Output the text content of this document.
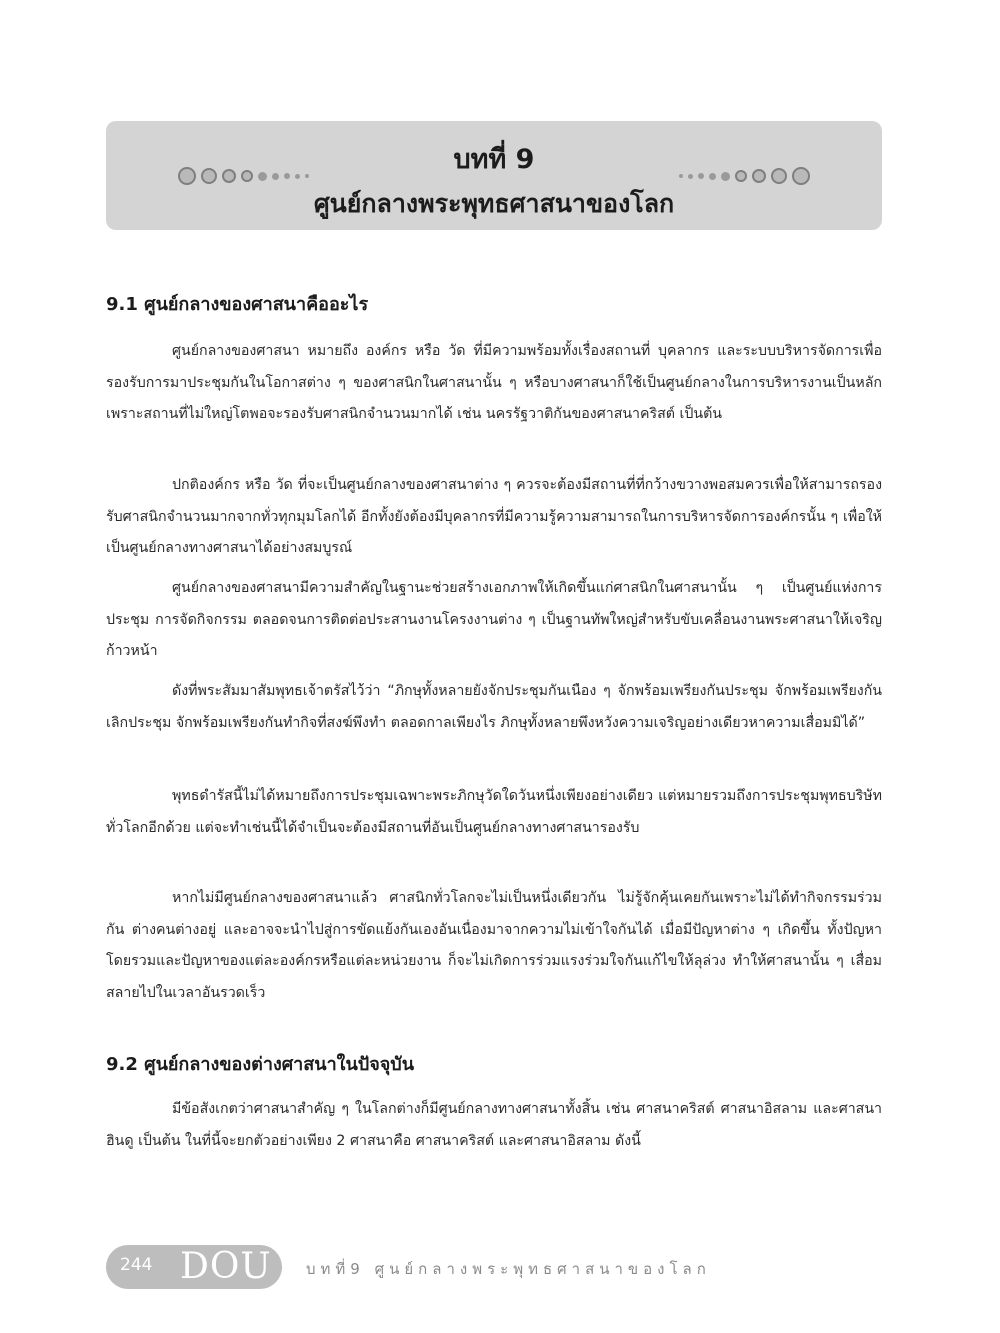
บทที่ 9
ศูนย์กลางพระพุทธศาสนาของโลก
9.1 ศูนย์กลางของศาสนาคืออะไร

ศูนย์กลางของศาสนา หมายถึง องค์กร หรือ วัด ที่มีความพร้อมทั้งเรื่องสถานที่ บุคลากร และระบบบริหารจัดการเพื่อรองรับการมาประชุมกันในโอกาสต่าง ๆ ของศาสนิกในศาสนานั้น ๆ หรือบางศาสนาก็ใช้เป็นศูนย์กลางในการบริหารงานเป็นหลักเพราะสถานที่ไม่ใหญ่โตพอจะรองรับศาสนิกจำนวนมากได้ เช่น นครรัฐวาติกันของศาสนาคริสต์ เป็นต้น

ปกติองค์กร หรือ วัด ที่จะเป็นศูนย์กลางของศาสนาต่าง ๆ ควรจะต้องมีสถานที่ที่กว้างขวางพอสมควรเพื่อให้สามารถรองรับศาสนิกจำนวนมากจากทั่วทุกมุมโลกได้ อีกทั้งยังต้องมีบุคลากรที่มีความรู้ความสามารถในการบริหารจัดการองค์กรนั้น ๆ เพื่อให้เป็นศูนย์กลางทางศาสนาได้อย่างสมบูรณ์

ศูนย์กลางของศาสนามีความสำคัญในฐานะช่วยสร้างเอกภาพให้เกิดขึ้นแก่ศาสนิกในศาสนานั้น ๆ เป็นศูนย์แห่งการประชุม การจัดกิจกรรม ตลอดจนการติดต่อประสานงานโครงงานต่าง ๆ เป็นฐานทัพใหญ่สำหรับขับเคลื่อนงานพระศาสนาให้เจริญก้าวหน้า

ดังที่พระสัมมาสัมพุทธเจ้าตรัสไว้ว่า “ภิกษุทั้งหลายยังจักประชุมกันเนือง ๆ จักพร้อมเพรียงกันประชุม จักพร้อมเพรียงกันเลิกประชุม จักพร้อมเพรียงกันทำกิจที่สงฆ์พึงทำ ตลอดกาลเพียงไร ภิกษุทั้งหลายพึงหวังความเจริญอย่างเดียวหาความเสื่อมมิได้”

พุทธดำรัสนี้ไม่ได้หมายถึงการประชุมเฉพาะพระภิกษุวัดใดวันหนึ่งเพียงอย่างเดียว แต่หมายรวมถึงการประชุมพุทธบริษัททั่วโลกอีกด้วย แต่จะทำเช่นนี้ได้จำเป็นจะต้องมีสถานที่อันเป็นศูนย์กลางทางศาสนารองรับ

หากไม่มีศูนย์กลางของศาสนาแล้ว ศาสนิกทั่วโลกจะไม่เป็นหนึ่งเดียวกัน ไม่รู้จักคุ้นเคยกันเพราะไม่ได้ทำกิจกรรมร่วมกัน ต่างคนต่างอยู่ และอาจจะนำไปสู่การขัดแย้งกันเองอันเนื่องมาจากความไม่เข้าใจกันได้ เมื่อมีปัญหาต่าง ๆ เกิดขึ้น ทั้งปัญหาโดยรวมและปัญหาของแต่ละองค์กรหรือแต่ละหน่วยงาน ก็จะไม่เกิดการร่วมแรงร่วมใจกันแก้ไขให้ลุล่วง ทำให้ศาสนานั้น ๆ เสื่อมสลายไปในเวลาอันรวดเร็ว

9.2 ศูนย์กลางของต่างศาสนาในปัจจุบัน

มีข้อสังเกตว่าศาสนาสำคัญ ๆ ในโลกต่างก็มีศูนย์กลางทางศาสนาทั้งสิ้น เช่น ศาสนาคริสต์ ศาสนาอิสลาม และศาสนาฮินดู เป็นต้น ในที่นี้จะยกตัวอย่างเพียง 2 ศาสนาคือ ศาสนาคริสต์ และศาสนาอิสลาม ดังนี้

244 DOU บทที่9 ศูนย์กลางพระพุทธศาสนาของโลก
